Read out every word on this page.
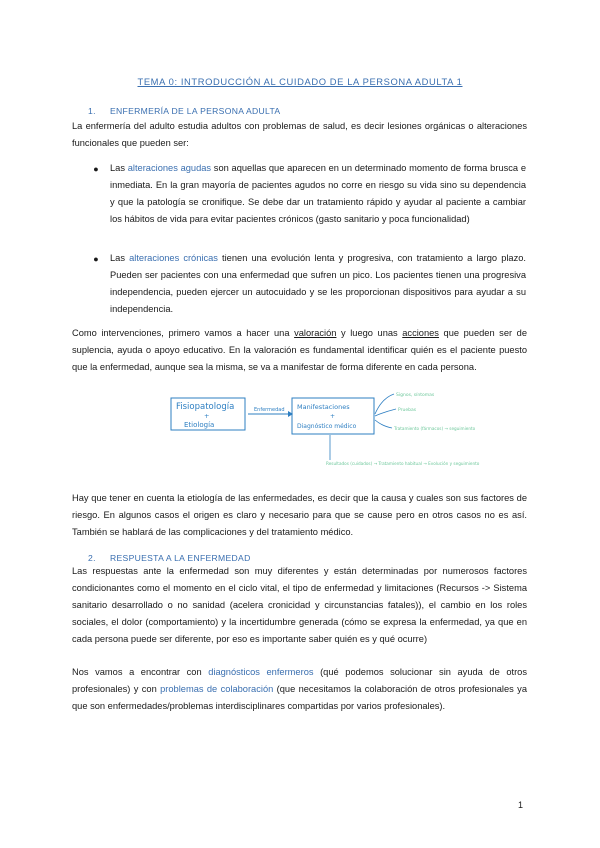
TEMA 0: INTRODUCCIÓN AL CUIDADO DE LA PERSONA ADULTA 1
1. ENFERMERÍA DE LA PERSONA ADULTA

La enfermería del adulto estudia adultos con problemas de salud, es decir lesiones orgánicas o alteraciones funcionales que pueden ser:

● Las alteraciones agudas son aquellas que aparecen en un determinado momento de forma brusca e inmediata. En la gran mayoría de pacientes agudos no corre en riesgo su vida sino su dependencia y que la patología se cronifique. Se debe dar un tratamiento rápido y ayudar al paciente a cambiar los hábitos de vida para evitar pacientes crónicos (gasto sanitario y poca funcionalidad)

● Las alteraciones crónicas tienen una evolución lenta y progresiva, con tratamiento a largo plazo. Pueden ser pacientes con una enfermedad que sufren un pico. Los pacientes tienen una progresiva independencia, pueden ejercer un autocuidado y se les proporcionan dispositivos para ayudar a su independencia.

Como intervenciones, primero vamos a hacer una valoración y luego unas acciones que pueden ser de suplencia, ayuda o apoyo educativo. En la valoración es fundamental identificar quién es el paciente puesto que la enfermedad, aunque sea la misma, se va a manifestar de forma diferente en cada persona.

Fisiopatología
+
Etiología
Enfermedad Manifestaciones
+
Diagnóstico médico
Signos, síntomas
Pruebas
Tratamiento (fármacos) → seguimiento
Resultados (cuidados) → Tratamiento habitual → Evolución y seguimiento

Hay que tener en cuenta la etiología de las enfermedades, es decir que la causa y cuales son sus factores de riesgo. En algunos casos el origen es claro y necesario para que se cause pero en otros casos no es así. También se hablará de las complicaciones y del tratamiento médico.

2. RESPUESTA A LA ENFERMEDAD

Las respuestas ante la enfermedad son muy diferentes y están determinadas por numerosos factores condicionantes como el momento en el ciclo vital, el tipo de enfermedad y limitaciones (Recursos -> Sistema sanitario desarrollado o no sanidad (acelera cronicidad y circunstancias fatales)), el cambio en los roles sociales, el dolor (comportamiento) y la incertidumbre generada (cómo se expresa la enfermedad, ya que en cada persona puede ser diferente, por eso es importante saber quién es y qué ocurre)

Nos vamos a encontrar con diagnósticos enfermeros (qué podemos solucionar sin ayuda de otros profesionales) y con problemas de colaboración (que necesitamos la colaboración de otros profesionales ya que son enfermedades/problemas interdisciplinares compartidas por varios profesionales).

1
